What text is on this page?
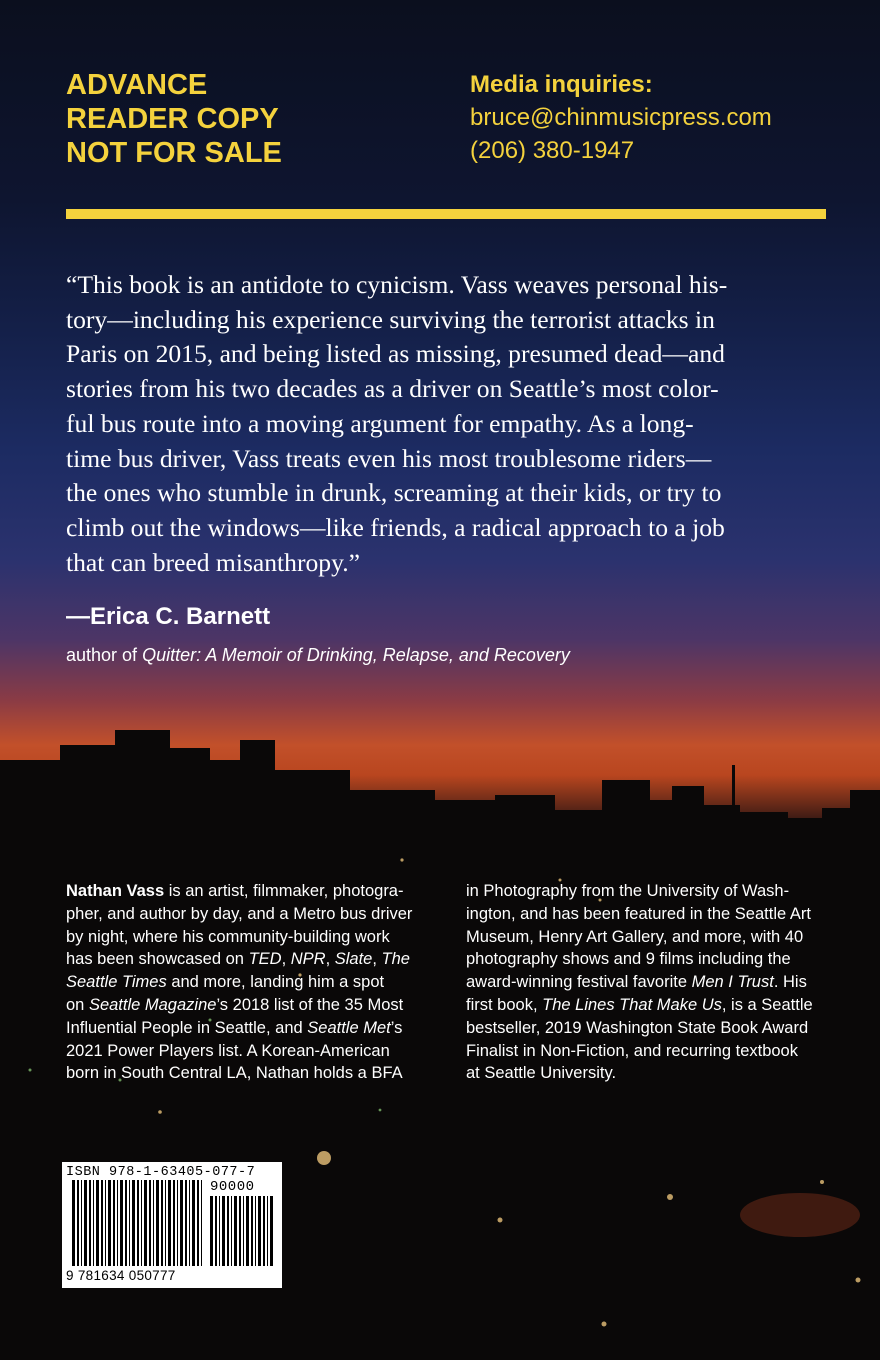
ADVANCE
READER COPY
NOT FOR SALE
Media inquiries:
bruce@chinmusicpress.com
(206) 380-1947
“This book is an antidote to cynicism. Vass weaves personal his-
tory—including his experience surviving the terrorist attacks in
Paris on 2015, and being listed as missing, presumed dead—and
stories from his two decades as a driver on Seattle’s most color-
ful bus route into a moving argument for empathy. As a long-
time bus driver, Vass treats even his most troublesome riders—
the ones who stumble in drunk, screaming at their kids, or try to
climb out the windows—like friends, a radical approach to a job
that can breed misanthropy.”
—Erica C. Barnett
author of Quitter: A Memoir of Drinking, Relapse, and Recovery
Nathan Vass is an artist, filmmaker, photogra-
pher, and author by day, and a Metro bus driver
by night, where his community-building work
has been showcased on TED, NPR, Slate, The
Seattle Times and more, landing him a spot
on Seattle Magazine’s 2018 list of the 35 Most
Influential People in Seattle, and Seattle Met’s
2021 Power Players list. A Korean-American
born in South Central LA, Nathan holds a BFA
in Photography from the University of Wash-
ington, and has been featured in the Seattle Art
Museum, Henry Art Gallery, and more, with 40
photography shows and 9 films including the
award-winning festival favorite Men I Trust. His
first book, The Lines That Make Us, is a Seattle
bestseller, 2019 Washington State Book Award
Finalist in Non-Fiction, and recurring textbook
at Seattle University.
ISBN 978-1-63405-077-7
90000
9 781634 050777
